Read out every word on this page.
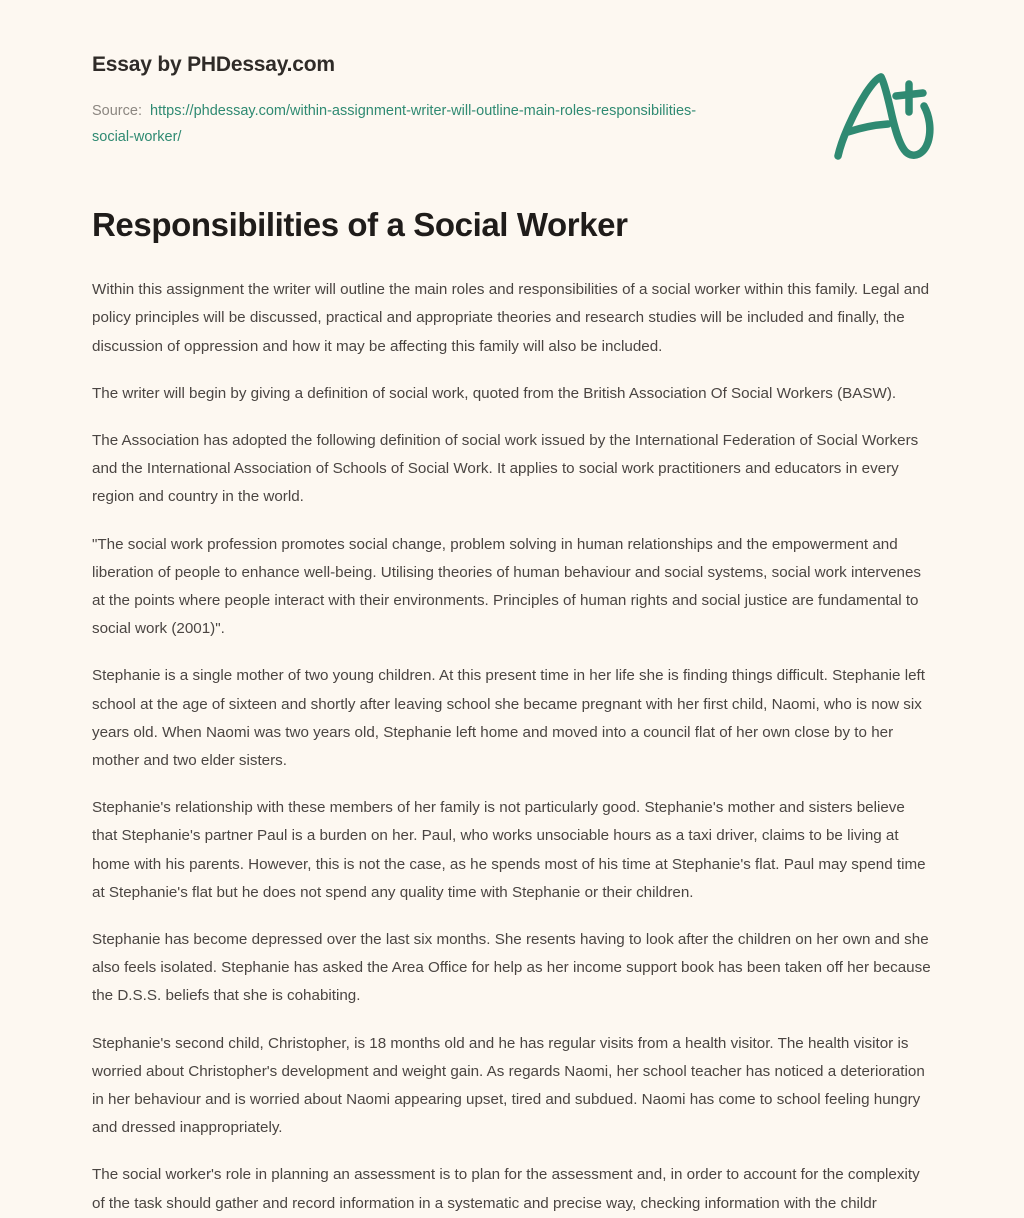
Essay by PHDessay.com
Source: https://phdessay.com/within-assignment-writer-will-outline-main-roles-responsibilities-social-worker/
Responsibilities of a Social Worker

Within this assignment the writer will outline the main roles and responsibilities of a social worker within this family. Legal and policy principles will be discussed, practical and appropriate theories and research studies will be included and finally, the discussion of oppression and how it may be affecting this family will also be included.

The writer will begin by giving a definition of social work, quoted from the British Association Of Social Workers (BASW).

The Association has adopted the following definition of social work issued by the International Federation of Social Workers and the International Association of Schools of Social Work. It applies to social work practitioners and educators in every region and country in the world.

"The social work profession promotes social change, problem solving in human relationships and the empowerment and liberation of people to enhance well-being. Utilising theories of human behaviour and social systems, social work intervenes at the points where people interact with their environments. Principles of human rights and social justice are fundamental to social work (2001)".

Stephanie is a single mother of two young children. At this present time in her life she is finding things difficult. Stephanie left school at the age of sixteen and shortly after leaving school she became pregnant with her first child, Naomi, who is now six years old. When Naomi was two years old, Stephanie left home and moved into a council flat of her own close by to her mother and two elder sisters.

Stephanie's relationship with these members of her family is not particularly good. Stephanie's mother and sisters believe that Stephanie's partner Paul is a burden on her. Paul, who works unsociable hours as a taxi driver, claims to be living at home with his parents. However, this is not the case, as he spends most of his time at Stephanie's flat. Paul may spend time at Stephanie's flat but he does not spend any quality time with Stephanie or their children.

Stephanie has become depressed over the last six months. She resents having to look after the children on her own and she also feels isolated. Stephanie has asked the Area Office for help as her income support book has been taken off her because the D.S.S. beliefs that she is cohabiting.

Stephanie's second child, Christopher, is 18 months old and he has regular visits from a health visitor. The health visitor is worried about Christopher's development and weight gain. As regards Naomi, her school teacher has noticed a deterioration in her behaviour and is worried about Naomi appearing upset, tired and subdued. Naomi has come to school feeling hungry and dressed inappropriately.

The social worker's role in planning an assessment is to plan for the assessment and, in order to account for the complexity of the task should gather and record information in a systematic and precise way, checking information with the childr
